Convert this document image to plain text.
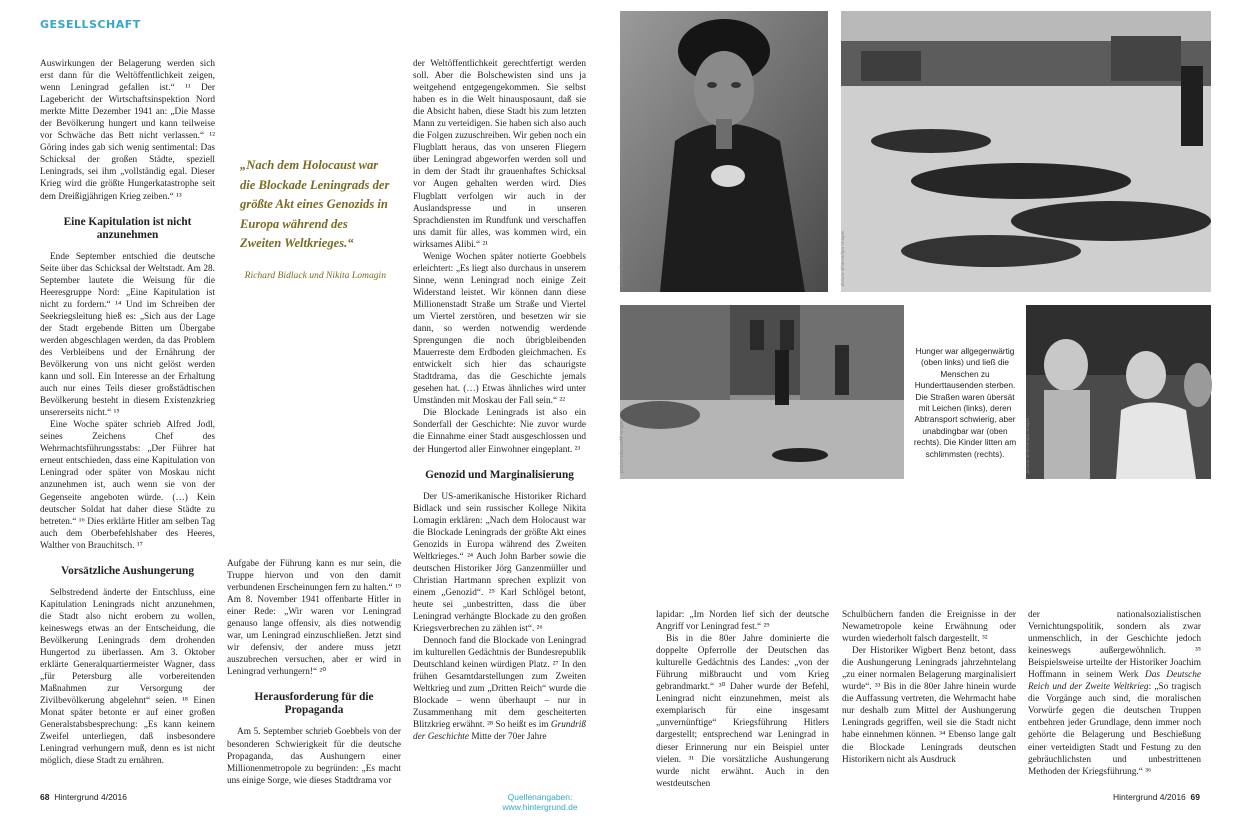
GESELLSCHAFT

Auswirkungen der Belagerung werden sich erst dann für die Weltöffentlichkeit zeigen, wenn Leningrad gefallen ist.“ ¹¹ Der Lagebericht der Wirtschaftsinspektion Nord merkte Mitte Dezember 1941 an: „Die Masse der Bevölkerung hungert und kann teilweise vor Schwäche das Bett nicht verlassen.“ ¹² Göring indes gab sich wenig sentimental: Das Schicksal der großen Städte, speziell Leningrads, sei ihm „vollständig egal. Dieser Krieg wird die größte Hungerkatastrophe seit dem Dreißigjährigen Krieg zeiben.“ ¹³

Eine Kapitulation ist nicht anzunehmen

Ende September entschied die deutsche Seite über das Schicksal der Weltstadt. Am 28. September lautete die Weisung für die Heeresgruppe Nord: „Eine Kapitulation ist nicht zu fordern.“ ¹⁴ Und im Schreiben der Seekriegsleitung hieß es: „Sich aus der Lage der Stadt ergebende Bitten um Übergabe werden abgeschlagen werden, da das Problem des Verbleibens und der Ernährung der Bevölkerung von uns nicht gelöst werden kann und soll. Ein Interesse an der Erhaltung auch nur eines Teils dieser großstädtischen Bevölkerung besteht in diesem Existenzkrieg unsererseits nicht.“ ¹⁵

Eine Woche später schrieb Alfred Jodl, seines Zeichens Chef des Wehrmachtsführungsstabs: „Der Führer hat erneut entschieden, dass eine Kapitulation von Leningrad oder später von Moskau nicht anzunehmen ist, auch wenn sie von der Gegenseite angeboten würde. (…) Kein deutscher Soldat hat daher diese Städte zu betreten.“ ¹⁶ Dies erklärte Hitler am selben Tag auch dem Oberbefehlshaber des Heeres, Walther von Brauchitsch. ¹⁷

Vorsätzliche Aushungerung

Selbstredend änderte der Entschluss, eine Kapitulation Leningrads nicht anzunehmen, die Stadt also nicht erobern zu wollen, keineswegs etwas an der Entscheidung, die Bevölkerung Leningrads dem drohenden Hungertod zu überlassen. Am 3. Oktober erklärte Generalquartiermeister Wagner, dass „für Petersburg alle vorbereitenden Maßnahmen zur Versorgung der Zivilbevölkerung abgelehnt“ seien. ¹⁸ Einen Monat später betonte er auf einer großen Generalstabsbesprechung: „Es kann keinem Zweifel unterliegen, daß insbesondere Leningrad verhungern muß, denn es ist nicht möglich, diese Stadt zu ernähren.

„Nach dem Holocaust war die Blockade Leningrads der größte Akt eines Genozids in Europa während des Zweiten Weltkrieges.“
Richard Bidlack und Nikita Lomagin

Aufgabe der Führung kann es nur sein, die Truppe hiervon und von den damit verbundenen Erscheinungen fern zu halten.“ ¹⁹ Am 8. November 1941 offenbarte Hitler in einer Rede: „Wir waren vor Leningrad genauso lange offensiv, als dies notwendig war, um Leningrad einzuschließen. Jetzt sind wir defensiv, der andere muss jetzt auszubrechen versuchen, aber er wird in Leningrad verhungern!“ ²⁰

Herausforderung für die Propaganda

Am 5. September schrieb Goebbels von der besonderen Schwierigkeit für die deutsche Propaganda, das Aushungern einer Millionenmetropole zu begründen: „Es macht uns einige Sorge, wie dieses Stadtdrama vor

der Weltöffentlichkeit gerechtfertigt werden soll. Aber die Bolschewisten sind uns ja weitgehend entgegengekommen. Sie selbst haben es in die Welt hinausposaunt, daß sie die Absicht haben, diese Stadt bis zum letzten Mann zu verteidigen. Sie haben sich also auch die Folgen zuzuschreiben. Wir geben noch ein Flugblatt heraus, das von unseren Fliegern über Leningrad abgeworfen werden soll und in dem der Stadt ihr grauenhaftes Schicksal vor Augen gehalten werden wird. Dies Flugblatt verfolgen wir auch in der Auslandspresse und in unseren Sprachdiensten im Rundfunk und verschaffen uns damit für alles, was kommen wird, ein wirksames Alibi.“ ²¹

Wenige Wochen später notierte Goebbels erleichtert: „Es liegt also durchaus in unserem Sinne, wenn Leningrad noch einige Zeit Widerstand leistet. Wir können dann diese Millionenstadt Straße um Straße und Viertel um Viertel zerstören, und besetzen wir sie dann, so werden notwendig werdende Sprengungen die noch übrigbleibenden Mauerreste dem Erdboden gleichmachen. Es entwickelt sich hier das schaurigste Stadtdrama, das die Geschichte jemals gesehen hat. (…) Etwas ähnliches wird unter Umständen mit Moskau der Fall sein.“ ²²

Die Blockade Leningrads ist also ein Sonderfall der Geschichte: Nie zuvor wurde die Einnahme einer Stadt ausgeschlossen und der Hungertod aller Einwohner eingeplant. ²³

Genozid und Marginalisierung

Der US-amerikanische Historiker Richard Bidlack und sein russischer Kollege Nikita Lomagin erklären: „Nach dem Holocaust war die Blockade Leningrads der größte Akt eines Genozids in Europa während des Zweiten Weltkrieges.“ ²⁴ Auch John Barber sowie die deutschen Historiker Jörg Ganzenmüller und Christian Hartmann sprechen explizit von einem „Genozid“. ²⁵ Karl Schlögel betont, heute sei „unbestritten, dass die über Leningrad verhängte Blockade zu den großen Kriegsverbrechen zu zählen ist“. ²⁶

Dennoch fand die Blockade von Leningrad im kulturellen Gedächtnis der Bundesrepublik Deutschland keinen würdigen Platz. ²⁷ In den frühen Gesamtdarstellungen zum Zweiten Weltkrieg und zum „Dritten Reich“ wurde die Blockade – wenn überhaupt – nur in Zusammenhang mit dem gescheiterten Blitzkrieg erwähnt. ²⁸ So heißt es im Grundriß der Geschichte Mitte der 70er Jahre

picture alliance/dpa Images	picture alliance/dpa Images
picture alliance/AP Images
Hunger war allgegenwärtig (oben links) und ließ die Menschen zu Hunderttausenden sterben. Die Straßen waren übersät mit Leichen (links), deren Abtransport schwierig, aber unabdingbar war (oben rechts). Die Kinder litten am schlimmsten (rechts).	picture alliance/dpa Images

lapidar: „Im Norden lief sich der deutsche Angriff vor Leningrad fest.“ ²⁹

Bis in die 80er Jahre dominierte die doppelte Opferrolle der Deutschen das kulturelle Gedächtnis des Landes: „von der Führung mißbraucht und vom Krieg gebrandmarkt.“ ³⁰ Daher wurde der Befehl, Leningrad nicht einzunehmen, meist als exemplarisch für eine insgesamt „unvernünftige“ Kriegsführung Hitlers dargestellt; entsprechend war Leningrad in dieser Erinnerung nur ein Beispiel unter vielen. ³¹ Die vorsätzliche Aushungerung wurde nicht erwähnt. Auch in den westdeutschen

Schulbüchern fanden die Ereignisse in der Newametropole keine Erwähnung oder wurden wiederholt falsch dargestellt. ³²

Der Historiker Wigbert Benz betont, dass die Aushungerung Leningrads jahrzehntelang „zu einer normalen Belagerung marginalisiert wurde“. ³³ Bis in die 80er Jahre hinein wurde die Auffassung vertreten, die Wehrmacht habe nur deshalb zum Mittel der Aushungerung Leningrads gegriffen, weil sie die Stadt nicht habe einnehmen können. ³⁴ Ebenso lange galt die Blockade Leningrads deutschen Historikern nicht als Ausdruck

der nationalsozialistischen Vernichtungspolitik, sondern als zwar unmenschlich, in der Geschichte jedoch keineswegs außergewöhnlich. ³⁵ Beispielsweise urteilte der Historiker Joachim Hoffmann in seinem Werk Das Deutsche Reich und der Zweite Weltkrieg: „So tragisch die Vorgänge auch sind, die moralischen Vorwürfe gegen die deutschen Truppen entbehren jeder Grundlage, denn immer noch gehörte die Belagerung und Beschießung einer verteidigten Stadt und Festung zu den gebräuchlichsten und unbestrittenen Methoden der Kriegsführung.“ ³⁶

68 Hintergrund 4/2016	Quellenangaben: www.hintergrund.de
Hintergrund 4/2016 69
